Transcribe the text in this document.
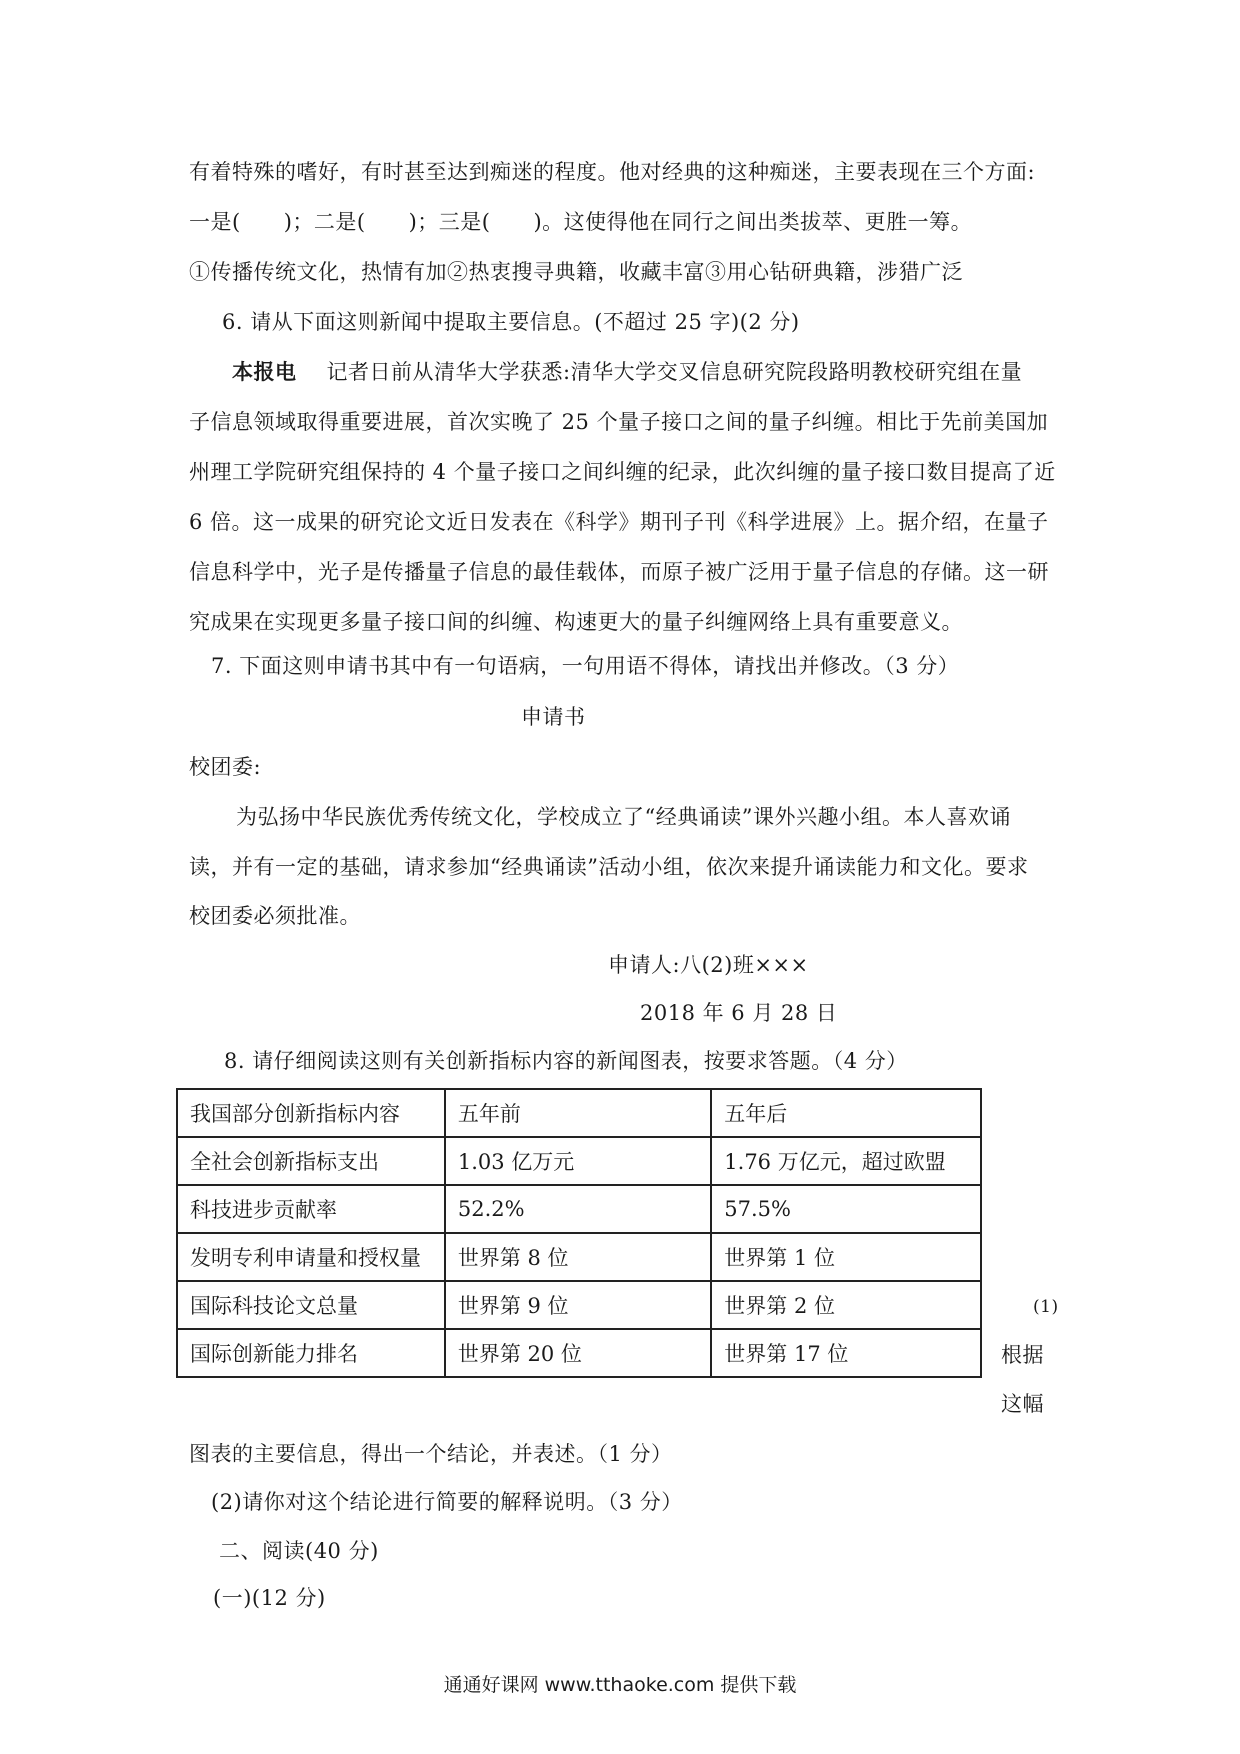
有着特殊的嗜好，有时甚至达到痴迷的程度。他对经典的这种痴迷，主要表现在三个方面:
一是(　　)；二是(　　)；三是(　　)。这使得他在同行之间出类拔萃、更胜一筹。
①传播传统文化，热情有加②热衷搜寻典籍，收藏丰富③用心钻研典籍，涉猎广泛
6. 请从下面这则新闻中提取主要信息。(不超过 25 字)(2 分)
本报电 记者日前从清华大学获悉:清华大学交叉信息研究院段路明教校研究组在量
子信息领域取得重要进展，首次实晚了 25 个量子接口之间的量子纠缠。相比于先前美国加
州理工学院研究组保持的 4 个量子接口之间纠缠的纪录，此次纠缠的量子接口数目提高了近
6 倍。这一成果的研究论文近日发表在《科学》期刊子刊《科学进展》上。据介绍，在量子
信息科学中，光子是传播量子信息的最佳载体，而原子被广泛用于量子信息的存储。这一研
究成果在实现更多量子接口间的纠缠、构速更大的量子纠缠网络上具有重要意义。
7. 下面这则申请书其中有一句语病，一句用语不得体，请找出并修改。（3 分）
申请书
校团委:
为弘扬中华民族优秀传统文化，学校成立了“经典诵读”课外兴趣小组。本人喜欢诵
读，并有一定的基础，请求参加“经典诵读”活动小组，依次来提升诵读能力和文化。要求
校团委必须批准。
申请人:八(2)班×××
2018 年 6 月 28 日
8. 请仔细阅读这则有关创新指标内容的新闻图表，按要求答题。（4 分）
我国部分创新指标内容	五年前	五年后
全社会创新指标支出	1.03 亿万元	1.76 万亿元，超过欧盟
科技进步贡献率	52.2%	57.5%
发明专利申请量和授权量	世界第 8 位	世界第 1 位
国际科技论文总量	世界第 9 位	世界第 2 位
国际创新能力排名	世界第 20 位	世界第 17 位
(1)
根据
这幅
图表的主要信息，得出一个结论，并表述。（1 分）
(2)请你对这个结论进行简要的解释说明。（3 分）
二、阅读(40 分)
(一)(12 分)
通通好课网 www.tthaoke.com 提供下载
